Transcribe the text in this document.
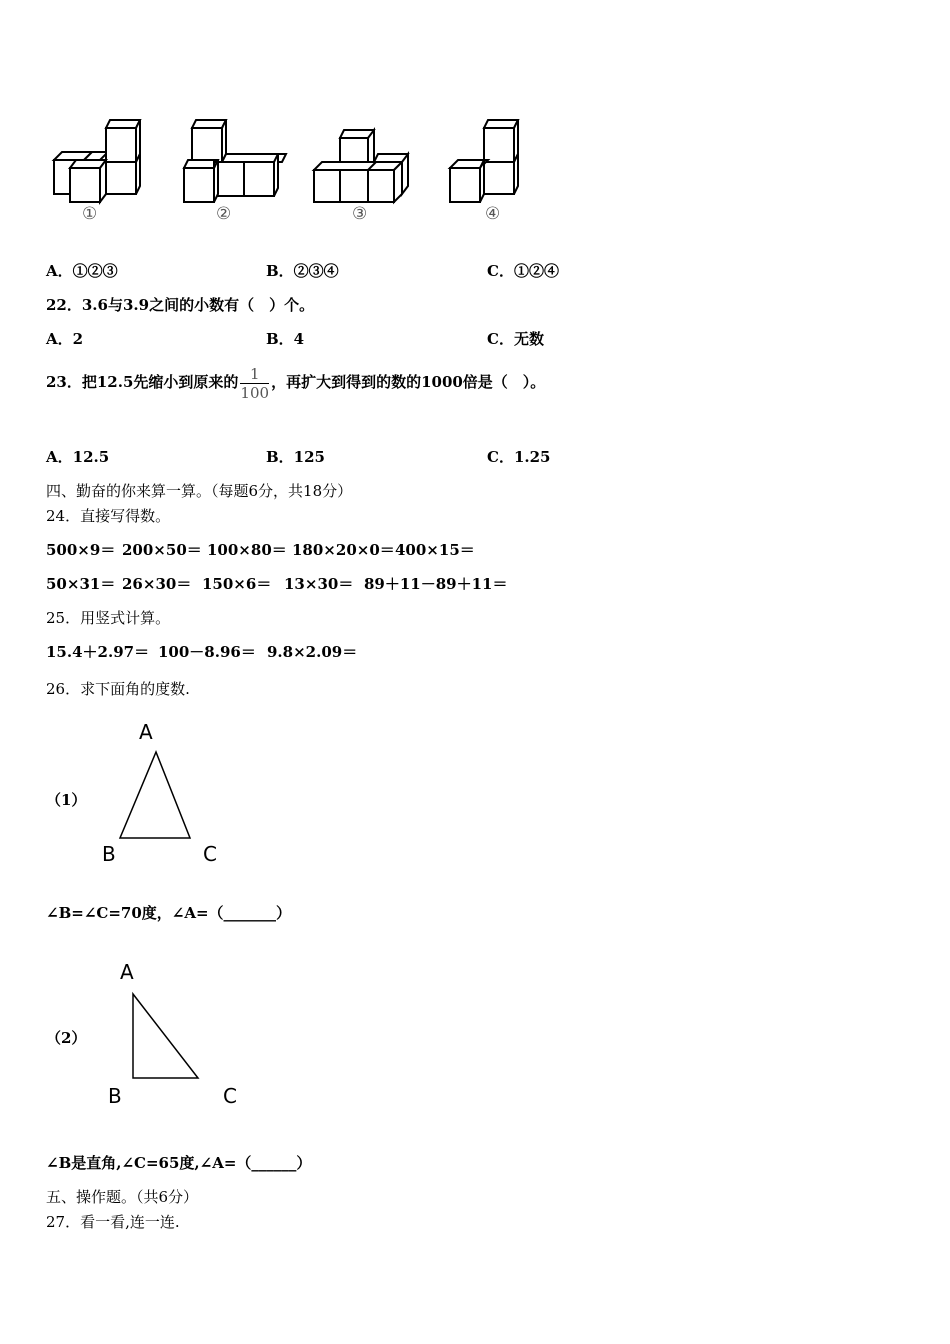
①	②	③	④
A．①②③	B．②③④	C．①②④
22．3.6与3.9之间的小数有（　）个。
A．2	B．4	C．无数
23．把12.5先缩小到原来的 $\frac{1}{100}$ ，再扩大到得到的数的1000倍是（　）。
A．12.5	B．125	C．1.25
四、勤奋的你来算一算。（每题6分，共18分）
24．直接写得数。
500×9＝ 200×50＝ 100×80＝ 180×20×0＝ 400×15＝
50×31＝ 26×30＝ 150×6＝ 13×30＝ 89＋11－89＋11＝
25．用竖式计算。
15.4＋2.97＝ 100－8.96＝ 9.8×2.09＝
26．求下面角的度数.
（1）
A
B	C
∠B=∠C=70度，∠A=（_______）
（2）
A
B	C
∠B是直角,∠C=65度,∠A=（______）
五、操作题。（共6分）
27．看一看,连一连.
